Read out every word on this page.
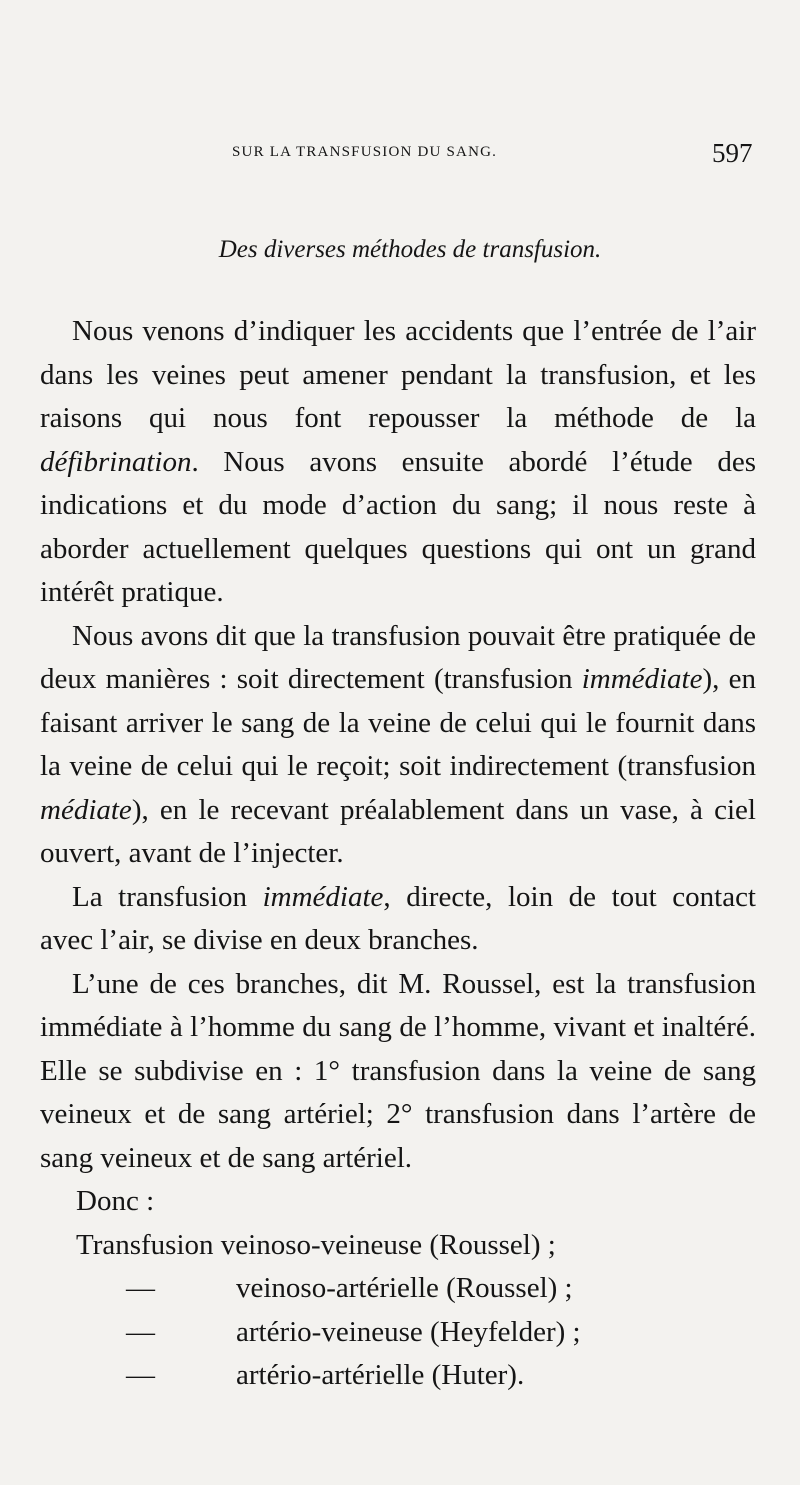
SUR LA TRANSFUSION DU SANG.	597
Des diverses méthodes de transfusion.

Nous venons d’indiquer les accidents que l’entrée de l’air dans les veines peut amener pendant la transfusion, et les raisons qui nous font repousser la méthode de la défibrination. Nous avons ensuite abordé l’étude des indications et du mode d’action du sang; il nous reste à aborder actuellement quelques questions qui ont un grand intérêt pratique.

Nous avons dit que la transfusion pouvait être pratiquée de deux manières : soit directement (transfusion immédiate), en faisant arriver le sang de la veine de celui qui le fournit dans la veine de celui qui le reçoit; soit indirectement (transfusion médiate), en le recevant préalablement dans un vase, à ciel ouvert, avant de l’injecter.

La transfusion immédiate, directe, loin de tout contact avec l’air, se divise en deux branches.

L’une de ces branches, dit M. Roussel, est la transfusion immédiate à l’homme du sang de l’homme, vivant et inaltéré. Elle se subdivise en : 1° transfusion dans la veine de sang veineux et de sang artériel; 2° transfusion dans l’artère de sang veineux et de sang artériel.

Donc :

Transfusion veinoso-veineuse (Roussel) ;
—	veinoso-artérielle (Roussel) ;
—	artério-veineuse (Heyfelder) ;
—	artério-artérielle (Huter).
